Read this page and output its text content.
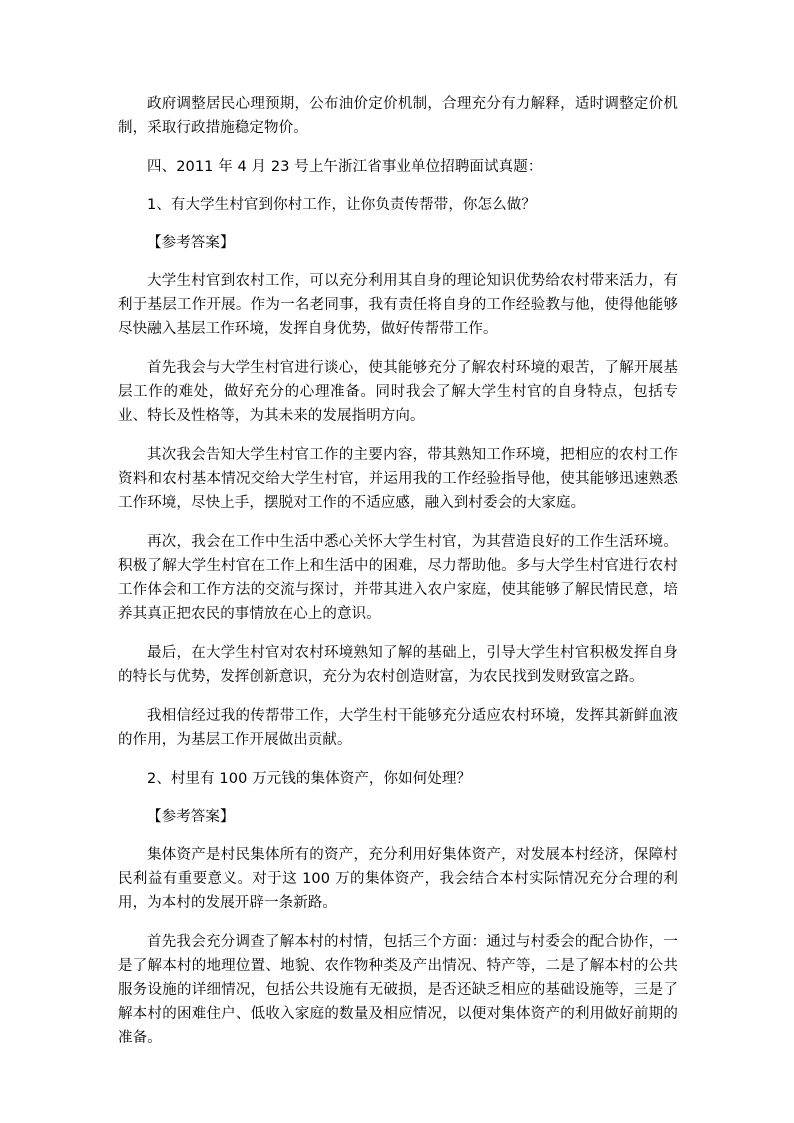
政府调整居民心理预期，公布油价定价机制，合理充分有力解释，适时调整定价机制，采取行政措施稳定物价。

四、2011 年 4 月 23 号上午浙江省事业单位招聘面试真题：

1、有大学生村官到你村工作，让你负责传帮带，你怎么做？

【参考答案】

大学生村官到农村工作，可以充分利用其自身的理论知识优势给农村带来活力，有利于基层工作开展。作为一名老同事，我有责任将自身的工作经验教与他，使得他能够尽快融入基层工作环境，发挥自身优势，做好传帮带工作。

首先我会与大学生村官进行谈心，使其能够充分了解农村环境的艰苦，了解开展基层工作的难处，做好充分的心理准备。同时我会了解大学生村官的自身特点，包括专业、特长及性格等，为其未来的发展指明方向。

其次我会告知大学生村官工作的主要内容，带其熟知工作环境，把相应的农村工作资料和农村基本情况交给大学生村官，并运用我的工作经验指导他，使其能够迅速熟悉工作环境，尽快上手，摆脱对工作的不适应感，融入到村委会的大家庭。

再次，我会在工作中生活中悉心关怀大学生村官，为其营造良好的工作生活环境。积极了解大学生村官在工作上和生活中的困难，尽力帮助他。多与大学生村官进行农村工作体会和工作方法的交流与探讨，并带其进入农户家庭，使其能够了解民情民意，培养其真正把农民的事情放在心上的意识。

最后，在大学生村官对农村环境熟知了解的基础上，引导大学生村官积极发挥自身的特长与优势，发挥创新意识，充分为农村创造财富，为农民找到发财致富之路。

我相信经过我的传帮带工作，大学生村干能够充分适应农村环境，发挥其新鲜血液的作用，为基层工作开展做出贡献。

2、村里有 100 万元钱的集体资产，你如何处理？

【参考答案】

集体资产是村民集体所有的资产，充分利用好集体资产，对发展本村经济，保障村民利益有重要意义。对于这 100 万的集体资产，我会结合本村实际情况充分合理的利用，为本村的发展开辟一条新路。

首先我会充分调查了解本村的村情，包括三个方面：通过与村委会的配合协作，一是了解本村的地理位置、地貌、农作物种类及产出情况、特产等，二是了解本村的公共服务设施的详细情况，包括公共设施有无破损，是否还缺乏相应的基础设施等，三是了解本村的困难住户、低收入家庭的数量及相应情况，以便对集体资产的利用做好前期的准备。
